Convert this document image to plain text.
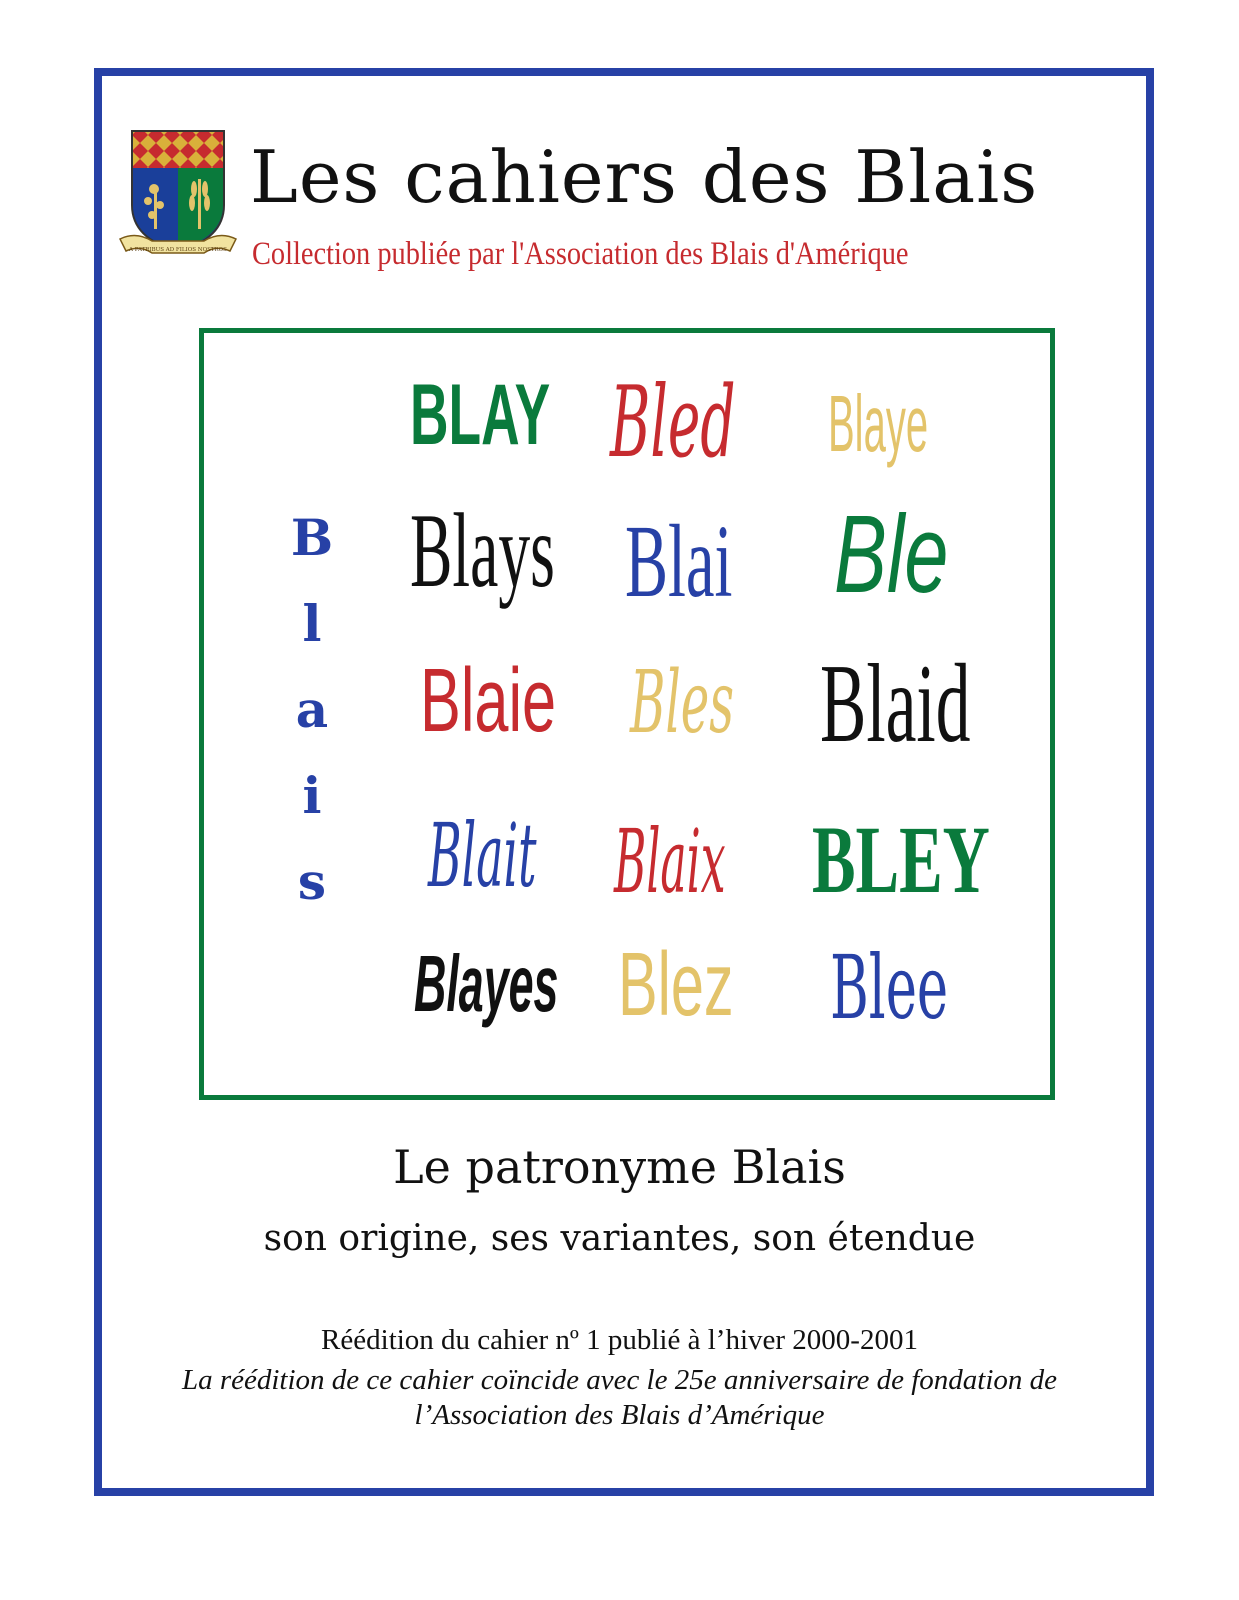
A PATRIBUS AD FILIOS NOSTROS
Les cahiers des Blais
Collection publiée par l'Association des Blais d'Amérique
B
l
a
i
s
BLAY Bled Blaye
Blays Blai Ble
Blaie Bles Blaid
Blait Blaix BLEY
Blayes Blez Blee
Le patronyme Blais
son origine, ses variantes, son étendue
Réédition du cahier nº 1 publié à l’hiver 2000-2001
La réédition de ce cahier coïncide avec le 25e anniversaire de fondation de
l’Association des Blais d’Amérique
